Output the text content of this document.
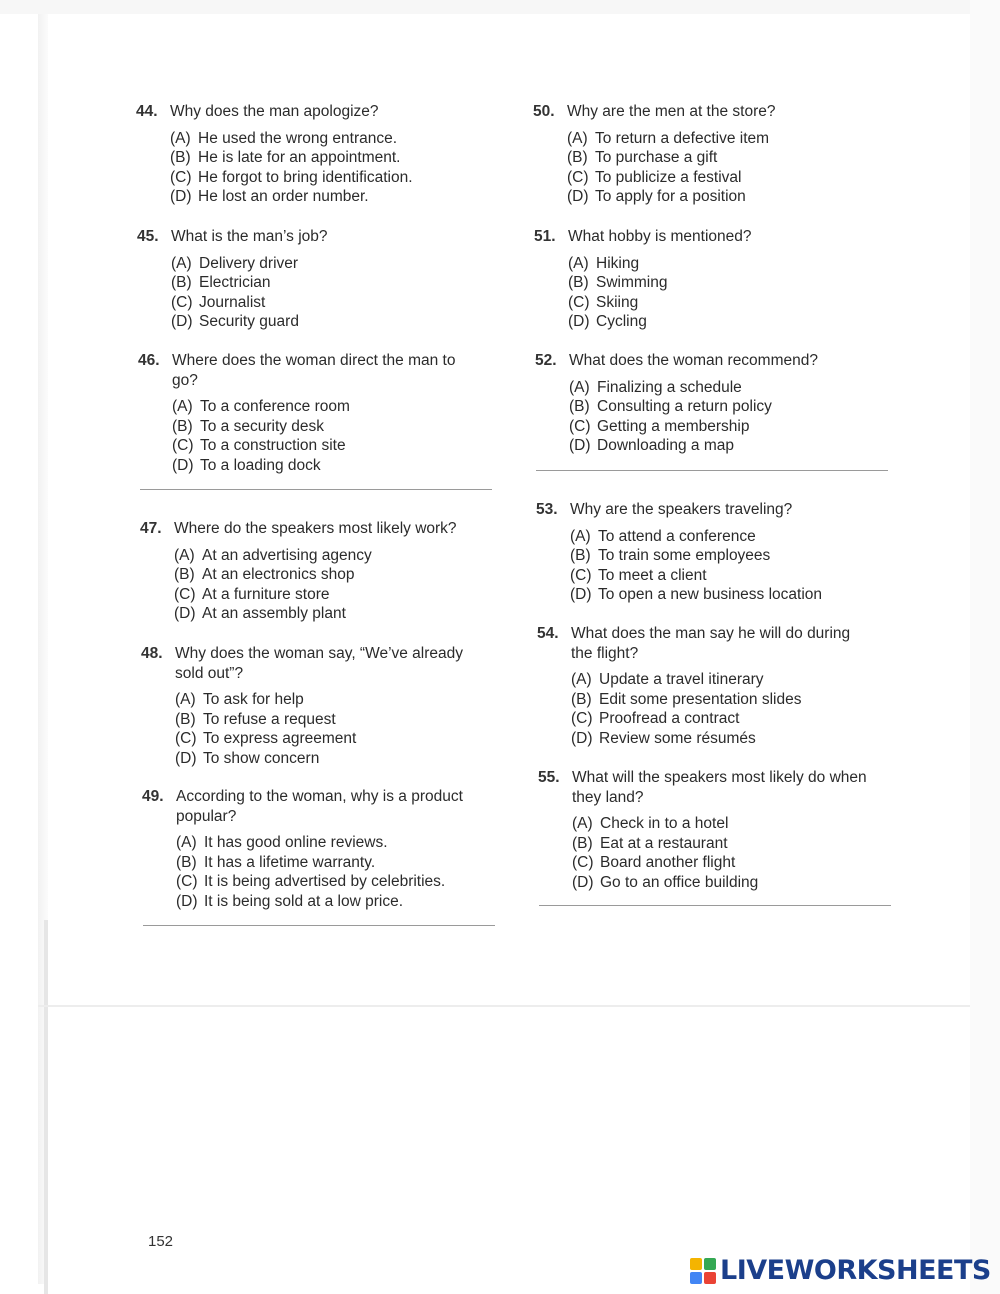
44. Why does the man apologize?
(A) He used the wrong entrance.
(B) He is late for an appointment.
(C) He forgot to bring identification.
(D) He lost an order number.
45. What is the man’s job?
(A) Delivery driver
(B) Electrician
(C) Journalist
(D) Security guard
46. Where does the woman direct the man to go?
(A) To a conference room
(B) To a security desk
(C) To a construction site
(D) To a loading dock
47. Where do the speakers most likely work?
(A) At an advertising agency
(B) At an electronics shop
(C) At a furniture store
(D) At an assembly plant
48. Why does the woman say, “We’ve already sold out”?
(A) To ask for help
(B) To refuse a request
(C) To express agreement
(D) To show concern
49. According to the woman, why is a product popular?
(A) It has good online reviews.
(B) It has a lifetime warranty.
(C) It is being advertised by celebrities.
(D) It is being sold at a low price.
50. Why are the men at the store?
(A) To return a defective item
(B) To purchase a gift
(C) To publicize a festival
(D) To apply for a position
51. What hobby is mentioned?
(A) Hiking
(B) Swimming
(C) Skiing
(D) Cycling
52. What does the woman recommend?
(A) Finalizing a schedule
(B) Consulting a return policy
(C) Getting a membership
(D) Downloading a map
53. Why are the speakers traveling?
(A) To attend a conference
(B) To train some employees
(C) To meet a client
(D) To open a new business location
54. What does the man say he will do during the flight?
(A) Update a travel itinerary
(B) Edit some presentation slides
(C) Proofread a contract
(D) Review some résumés
55. What will the speakers most likely do when they land?
(A) Check in to a hotel
(B) Eat at a restaurant
(C) Board another flight
(D) Go to an office building
152
LIVEWORKSHEETS
